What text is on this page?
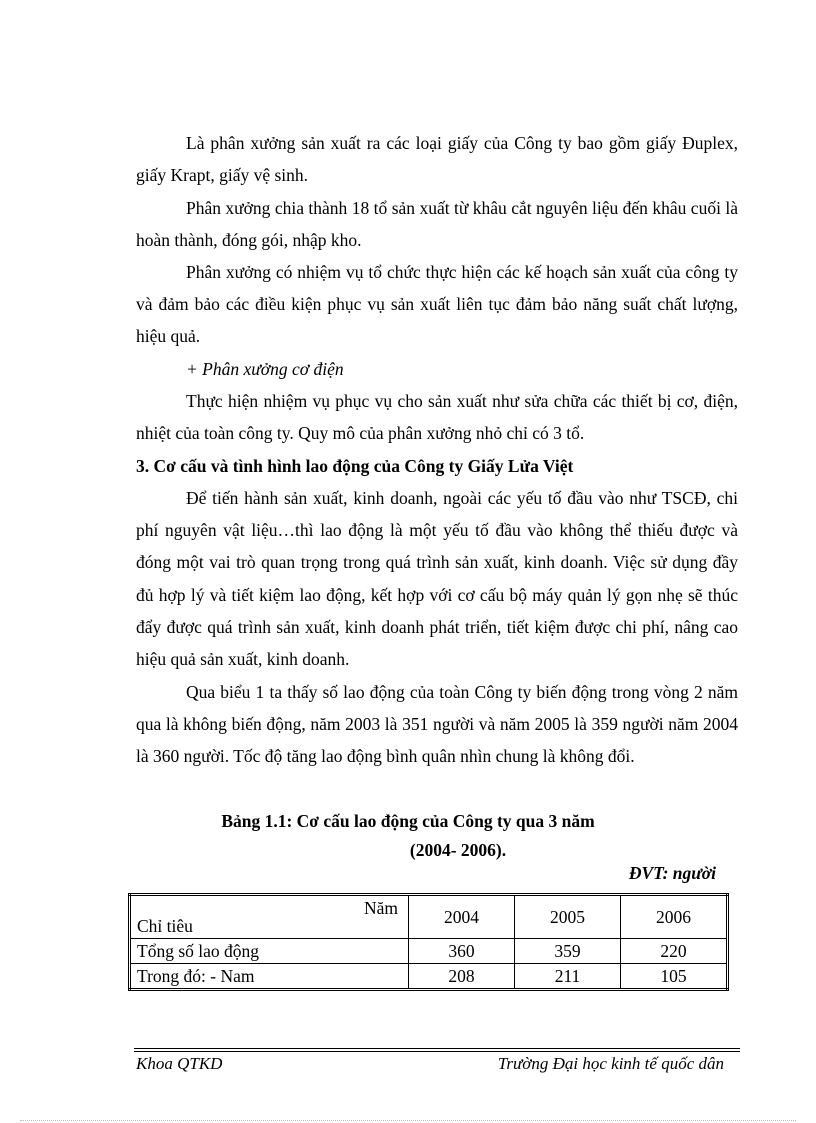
Là phân xưởng sản xuất ra các loại giấy của Công ty bao gồm giấy Đuplex, giấy Krapt, giấy vệ sinh.

Phân xưởng chia thành 18 tổ sản xuất từ khâu cắt nguyên liệu đến khâu cuối là hoàn thành, đóng gói, nhập kho.

Phân xưởng có nhiệm vụ tổ chức thực hiện các kế hoạch sản xuất của công ty và đảm bảo các điều kiện phục vụ sản xuất liên tục đảm bảo năng suất chất lượng, hiệu quả.

+ Phân xưởng cơ điện

Thực hiện nhiệm vụ phục vụ cho sản xuất như sửa chữa các thiết bị cơ, điện, nhiệt của toàn công ty. Quy mô của phân xưởng nhỏ chỉ có 3 tổ.

3. Cơ cấu và tình hình lao động của Công ty Giấy Lửa Việt

Để tiến hành sản xuất, kinh doanh, ngoài các yếu tố đầu vào như TSCĐ, chi phí nguyên vật liệu…thì lao động là một yếu tố đầu vào không thể thiếu được và đóng một vai trò quan trọng trong quá trình sản xuất, kinh doanh. Việc sử dụng đầy đủ hợp lý và tiết kiệm lao động, kết hợp với cơ cấu bộ máy quản lý gọn nhẹ sẽ thúc đẩy được quá trình sản xuất, kinh doanh phát triển, tiết kiệm được chi phí, nâng cao hiệu quả sản xuất, kinh doanh.

Qua biểu 1 ta thấy số lao động của toàn Công ty biến động trong vòng 2 năm qua là không biến động, năm 2003 là 351 người và năm 2005 là 359 người năm 2004 là 360 người. Tốc độ tăng lao động bình quân nhìn chung là không đổi.

Bảng 1.1: Cơ cấu lao động của Công ty qua 3 năm
(2004- 2006).
ĐVT: người
Năm
Chỉ tiêu	2004	2005	2006
Tổng số lao động	360	359	220
Trong đó: - Nam	208	211	105
Khoa QTKD	Trường Đại học kinh tế quốc dân
